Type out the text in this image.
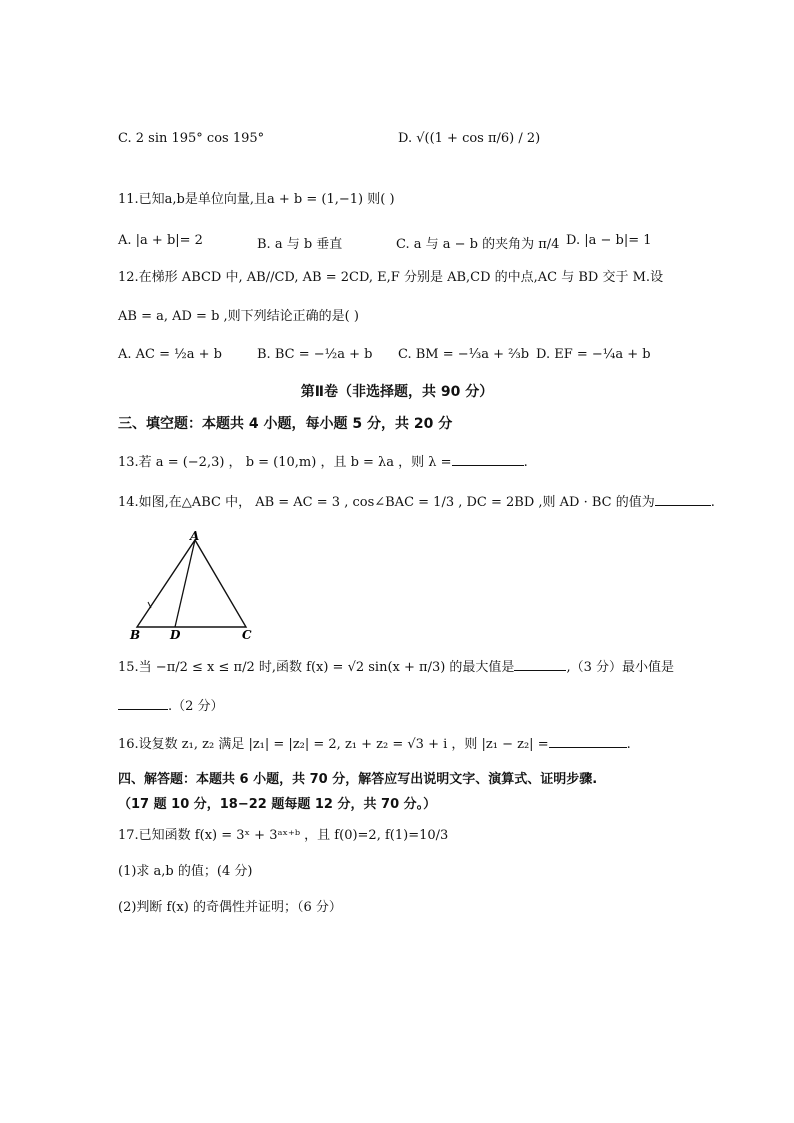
C. 2 sin 195° cos 195°	D. √((1 + cos π/6) / 2)
11.已知a,b是单位向量,且a + b = (1,−1) 则( )
A. |a + b|= 2	B. a 与 b 垂直	C. a 与 a − b 的夹角为 π/4 D. |a − b|= 1
12.在梯形 ABCD 中, AB//CD, AB = 2CD, E,F 分别是 AB,CD 的中点,AC 与 BD 交于 M.设
AB = a, AD = b ,则下列结论正确的是( )
A. AC = ½a + b	B. BC = −½a + b C. BM = −⅓a + ⅔b D. EF = −¼a + b
第Ⅱ卷（非选择题，共 90 分）
三、填空题：本题共 4 小题，每小题 5 分，共 20 分
13.若 a = (−2,3) ， b = (10,m) ，且 b = λa ，则 λ =	.
14.如图,在△ABC 中， AB = AC = 3 , cos∠BAC = 1/3 , DC = 2BD ,则 AD · BC 的值为	.
A
B D	C
15.当 −π/2 ≤ x ≤ π/2 时,函数 f(x) = √2 sin(x + π/3) 的最大值是	,（3 分）最小值是
.（2 分）
16.设复数 z₁, z₂ 满足 |z₁| = |z₂| = 2, z₁ + z₂ = √3 + i ，则 |z₁ − z₂| =	.
四、解答题：本题共 6 小题，共 70 分，解答应写出说明文字、演算式、证明步骤.
（17 题 10 分，18−22 题每题 12 分，共 70 分。）
17.已知函数 f(x) = 3ˣ + 3ᵃˣ⁺ᵇ ，且 f(0)=2, f(1)=10/3
(1)求 a,b 的值；(4 分)
(2)判断 f(x) 的奇偶性并证明；（6 分）
